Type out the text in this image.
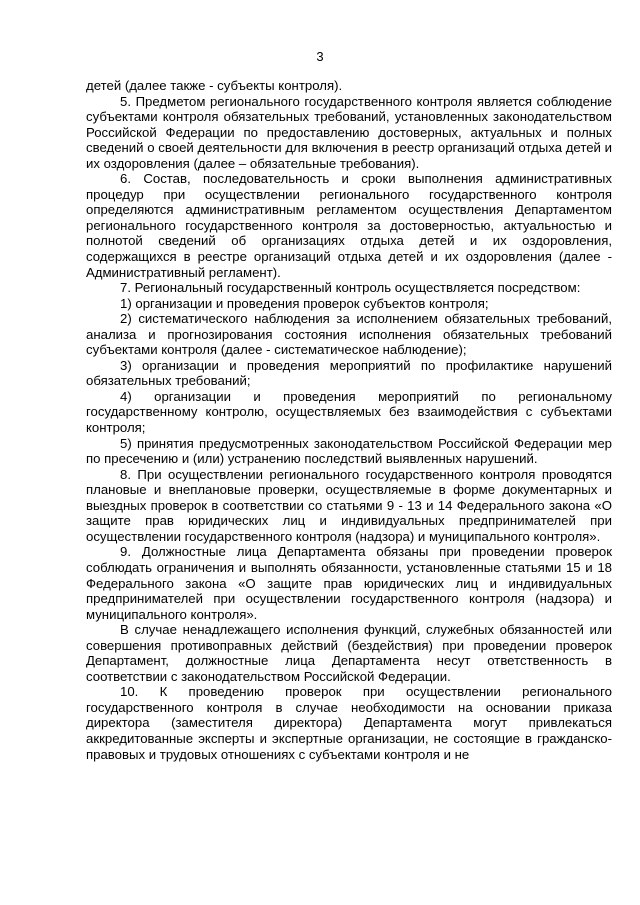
3

детей (далее также - субъекты контроля).

5. Предметом регионального государственного контроля является соблюдение субъектами контроля обязательных требований, установленных законодательством Российской Федерации по предоставлению достоверных, актуальных и полных сведений о своей деятельности для включения в реестр организаций отдыха детей и их оздоровления (далее – обязательные требования).

6. Состав, последовательность и сроки выполнения административных процедур при осуществлении регионального государственного контроля определяются административным регламентом осуществления Департаментом регионального государственного контроля за достоверностью, актуальностью и полнотой сведений об организациях отдыха детей и их оздоровления, содержащихся в реестре организаций отдыха детей и их оздоровления (далее - Административный регламент).

7. Региональный государственный контроль осуществляется посредством:

1) организации и проведения проверок субъектов контроля;

2) систематического наблюдения за исполнением обязательных требований, анализа и прогнозирования состояния исполнения обязательных требований субъектами контроля (далее - систематическое наблюдение);

3) организации и проведения мероприятий по профилактике нарушений обязательных требований;

4) организации и проведения мероприятий по региональному государственному контролю, осуществляемых без взаимодействия с субъектами контроля;

5) принятия предусмотренных законодательством Российской Федерации мер по пресечению и (или) устранению последствий выявленных нарушений.

8. При осуществлении регионального государственного контроля проводятся плановые и внеплановые проверки, осуществляемые в форме документарных и выездных проверок в соответствии со статьями 9 - 13 и 14 Федерального закона «О защите прав юридических лиц и индивидуальных предпринимателей при осуществлении государственного контроля (надзора) и муниципального контроля».

9. Должностные лица Департамента обязаны при проведении проверок соблюдать ограничения и выполнять обязанности, установленные статьями 15 и 18 Федерального закона «О защите прав юридических лиц и индивидуальных предпринимателей при осуществлении государственного контроля (надзора) и муниципального контроля».

В случае ненадлежащего исполнения функций, служебных обязанностей или совершения противоправных действий (бездействия) при проведении проверок Департамент, должностные лица Департамента несут ответственность в соответствии с законодательством Российской Федерации.

10. К проведению проверок при осуществлении регионального государственного контроля в случае необходимости на основании приказа директора (заместителя директора) Департамента могут привлекаться аккредитованные эксперты и экспертные организации, не состоящие в гражданско-правовых и трудовых отношениях с субъектами контроля и не
